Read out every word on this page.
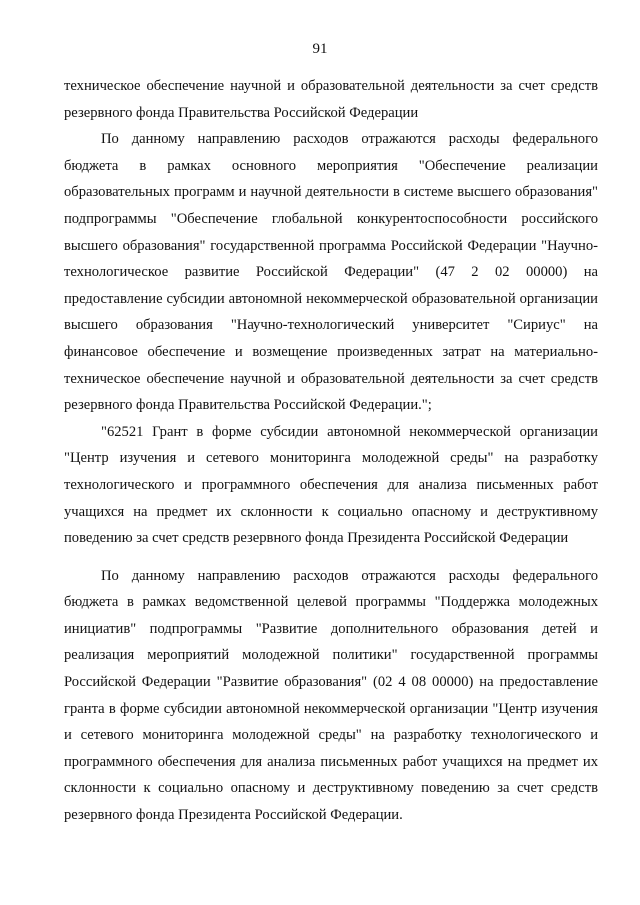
91

техническое обеспечение научной и образовательной деятельности за счет средств резервного фонда Правительства Российской Федерации

По данному направлению расходов отражаются расходы федерального бюджета в рамках основного мероприятия "Обеспечение реализации образовательных программ и научной деятельности в системе высшего образования" подпрограммы "Обеспечение глобальной конкурентоспособности российского высшего образования" государственной программа Российской Федерации "Научно-технологическое развитие Российской Федерации" (47 2 02 00000) на предоставление субсидии автономной некоммерческой образовательной организации высшего образования "Научно-технологический университет "Сириус" на финансовое обеспечение и возмещение произведенных затрат на материально-техническое обеспечение научной и образовательной деятельности за счет средств резервного фонда Правительства Российской Федерации.";

"62521 Грант в форме субсидии автономной некоммерческой организации "Центр изучения и сетевого мониторинга молодежной среды" на разработку технологического и программного обеспечения для анализа письменных работ учащихся на предмет их склонности к социально опасному и деструктивному поведению за счет средств резервного фонда Президента Российской Федерации

По данному направлению расходов отражаются расходы федерального бюджета в рамках ведомственной целевой программы "Поддержка молодежных инициатив" подпрограммы "Развитие дополнительного образования детей и реализация мероприятий молодежной политики" государственной программы Российской Федерации "Развитие образования" (02 4 08 00000) на предоставление гранта в форме субсидии автономной некоммерческой организации "Центр изучения и сетевого мониторинга молодежной среды" на разработку технологического и программного обеспечения для анализа письменных работ учащихся на предмет их склонности к социально опасному и деструктивному поведению за счет средств резервного фонда Президента Российской Федерации.
